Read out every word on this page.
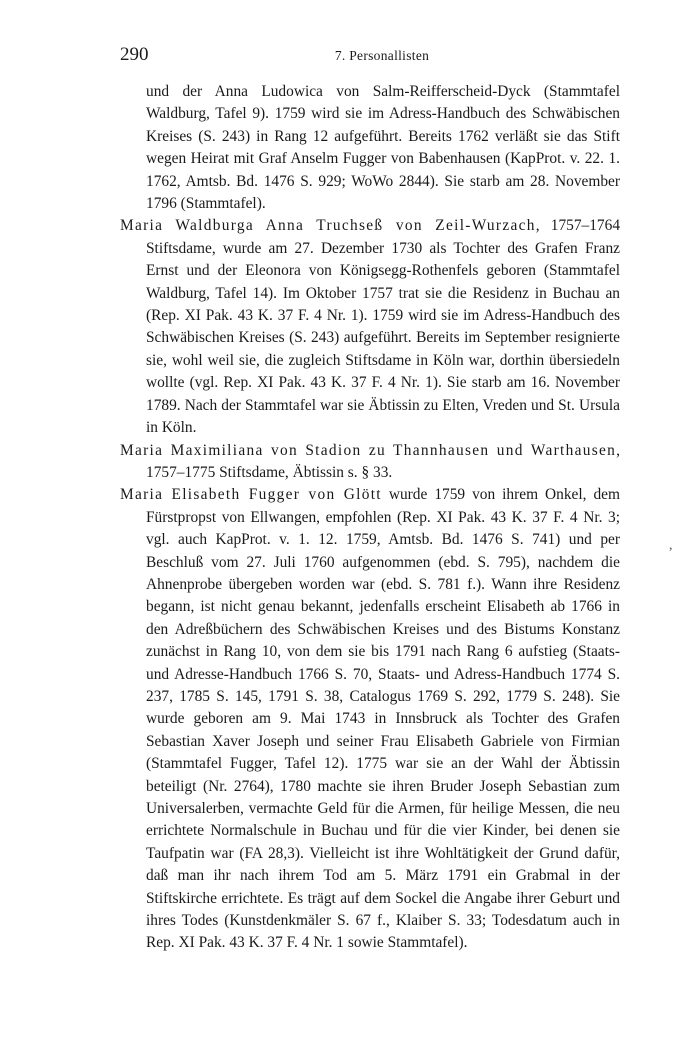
290	7. Personallisten

und der Anna Ludowica von Salm-Reifferscheid-Dyck (Stammtafel Waldburg, Tafel 9). 1759 wird sie im Adress-Handbuch des Schwäbischen Kreises (S. 243) in Rang 12 aufgeführt. Bereits 1762 verläßt sie das Stift wegen Heirat mit Graf Anselm Fugger von Babenhausen (KapProt. v. 22. 1. 1762, Amtsb. Bd. 1476 S. 929; WoWo 2844). Sie starb am 28. November 1796 (Stammtafel).

Maria Waldburga Anna Truchseß von Zeil-Wurzach, 1757–1764 Stiftsdame, wurde am 27. Dezember 1730 als Tochter des Grafen Franz Ernst und der Eleonora von Königsegg-Rothenfels geboren (Stammtafel Waldburg, Tafel 14). Im Oktober 1757 trat sie die Residenz in Buchau an (Rep. XI Pak. 43 K. 37 F. 4 Nr. 1). 1759 wird sie im Adress-Handbuch des Schwäbischen Kreises (S. 243) aufgeführt. Bereits im September resignierte sie, wohl weil sie, die zugleich Stiftsdame in Köln war, dorthin übersiedeln wollte (vgl. Rep. XI Pak. 43 K. 37 F. 4 Nr. 1). Sie starb am 16. November 1789. Nach der Stammtafel war sie Äbtissin zu Elten, Vreden und St. Ursula in Köln.

Maria Maximiliana von Stadion zu Thannhausen und Warthausen, 1757–1775 Stiftsdame, Äbtissin s. § 33.

Maria Elisabeth Fugger von Glött wurde 1759 von ihrem Onkel, dem Fürstpropst von Ellwangen, empfohlen (Rep. XI Pak. 43 K. 37 F. 4 Nr. 3; vgl. auch KapProt. v. 1. 12. 1759, Amtsb. Bd. 1476 S. 741) und per Beschluß vom 27. Juli 1760 aufgenommen (ebd. S. 795), nachdem die Ahnenprobe übergeben worden war (ebd. S. 781 f.). Wann ihre Residenz begann, ist nicht genau bekannt, jedenfalls erscheint Elisabeth ab 1766 in den Adreßbüchern des Schwäbischen Kreises und des Bistums Konstanz zunächst in Rang 10, von dem sie bis 1791 nach Rang 6 aufstieg (Staats- und Adresse-Handbuch 1766 S. 70, Staats- und Adress-Handbuch 1774 S. 237, 1785 S. 145, 1791 S. 38, Catalogus 1769 S. 292, 1779 S. 248). Sie wurde geboren am 9. Mai 1743 in Innsbruck als Tochter des Grafen Sebastian Xaver Joseph und seiner Frau Elisabeth Gabriele von Firmian (Stammtafel Fugger, Tafel 12). 1775 war sie an der Wahl der Äbtissin beteiligt (Nr. 2764), 1780 machte sie ihren Bruder Joseph Sebastian zum Universalerben, vermachte Geld für die Armen, für heilige Messen, die neu errichtete Normalschule in Buchau und für die vier Kinder, bei denen sie Taufpatin war (FA 28,3). Vielleicht ist ihre Wohltätigkeit der Grund dafür, daß man ihr nach ihrem Tod am 5. März 1791 ein Grabmal in der Stiftskirche errichtete. Es trägt auf dem Sockel die Angabe ihrer Geburt und ihres Todes (Kunstdenkmäler S. 67 f., Klaiber S. 33; Todesdatum auch in Rep. XI Pak. 43 K. 37 F. 4 Nr. 1 sowie Stammtafel).

,
